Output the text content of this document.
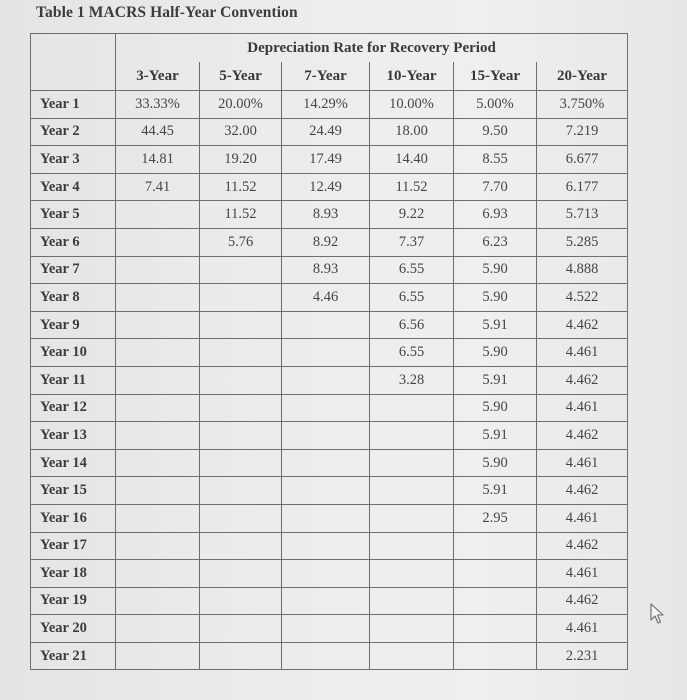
Table 1 MACRS Half-Year Convention
	Depreciation Rate for Recovery Period					
	3-Year	5-Year	7-Year	10-Year	15-Year	20-Year
Year 1	33.33%	20.00%	14.29%	10.00%	5.00%	3.750%
Year 2	44.45	32.00	24.49	18.00	9.50	7.219
Year 3	14.81	19.20	17.49	14.40	8.55	6.677
Year 4	7.41	11.52	12.49	11.52	7.70	6.177
Year 5		11.52	8.93	9.22	6.93	5.713
Year 6		5.76	8.92	7.37	6.23	5.285
Year 7			8.93	6.55	5.90	4.888
Year 8			4.46	6.55	5.90	4.522
Year 9				6.56	5.91	4.462
Year 10				6.55	5.90	4.461
Year 11				3.28	5.91	4.462
Year 12					5.90	4.461
Year 13					5.91	4.462
Year 14					5.90	4.461
Year 15					5.91	4.462
Year 16					2.95	4.461
Year 17						4.462
Year 18						4.461
Year 19						4.462
Year 20						4.461
Year 21						2.231
